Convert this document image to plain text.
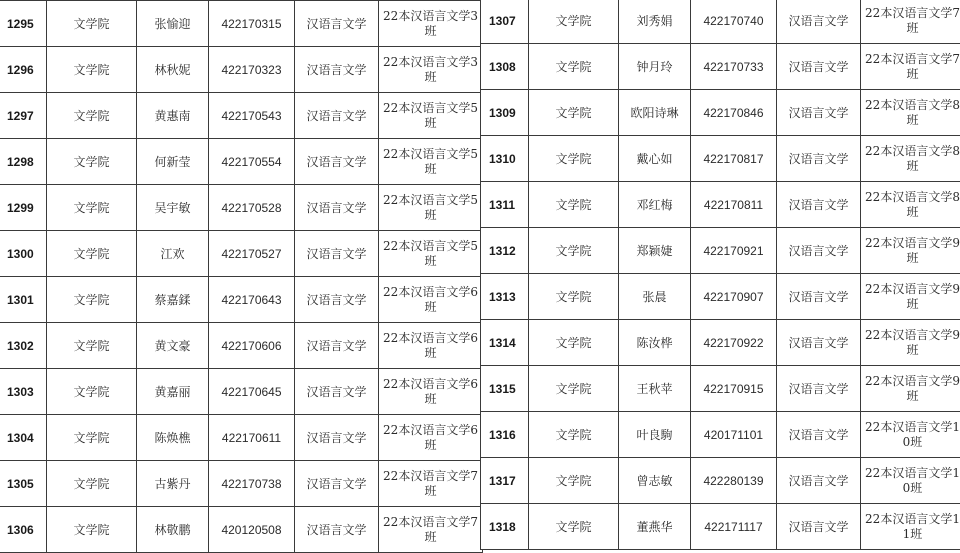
1295	文学院	张愉迎	422170315	汉语言文学	22本汉语言文学3班
1296	文学院	林秋妮	422170323	汉语言文学	22本汉语言文学3班
1297	文学院	黄惠南	422170543	汉语言文学	22本汉语言文学5班
1298	文学院	何新莹	422170554	汉语言文学	22本汉语言文学5班
1299	文学院	吴宇敏	422170528	汉语言文学	22本汉语言文学5班
1300	文学院	江欢	422170527	汉语言文学	22本汉语言文学5班
1301	文学院	蔡嘉鍒	422170643	汉语言文学	22本汉语言文学6班
1302	文学院	黄文豪	422170606	汉语言文学	22本汉语言文学6班
1303	文学院	黄嘉丽	422170645	汉语言文学	22本汉语言文学6班
1304	文学院	陈焕樵	422170611	汉语言文学	22本汉语言文学6班
1305	文学院	古紫丹	422170738	汉语言文学	22本汉语言文学7班
1306	文学院	林敬鹏	420120508	汉语言文学	22本汉语言文学7班
1307	文学院	刘秀娟	422170740	汉语言文学	22本汉语言文学7班
1308	文学院	钟月玲	422170733	汉语言文学	22本汉语言文学7班
1309	文学院	欧阳诗琳	422170846	汉语言文学	22本汉语言文学8班
1310	文学院	戴心如	422170817	汉语言文学	22本汉语言文学8班
1311	文学院	邓红梅	422170811	汉语言文学	22本汉语言文学8班
1312	文学院	郑颖婕	422170921	汉语言文学	22本汉语言文学9班
1313	文学院	张晨	422170907	汉语言文学	22本汉语言文学9班
1314	文学院	陈汝桦	422170922	汉语言文学	22本汉语言文学9班
1315	文学院	王秋苹	422170915	汉语言文学	22本汉语言文学9班
1316	文学院	叶良駒	420171101	汉语言文学	22本汉语言文学10班
1317	文学院	曾志敏	422280139	汉语言文学	22本汉语言文学10班
1318	文学院	董燕华	422171117	汉语言文学	22本汉语言文学11班
